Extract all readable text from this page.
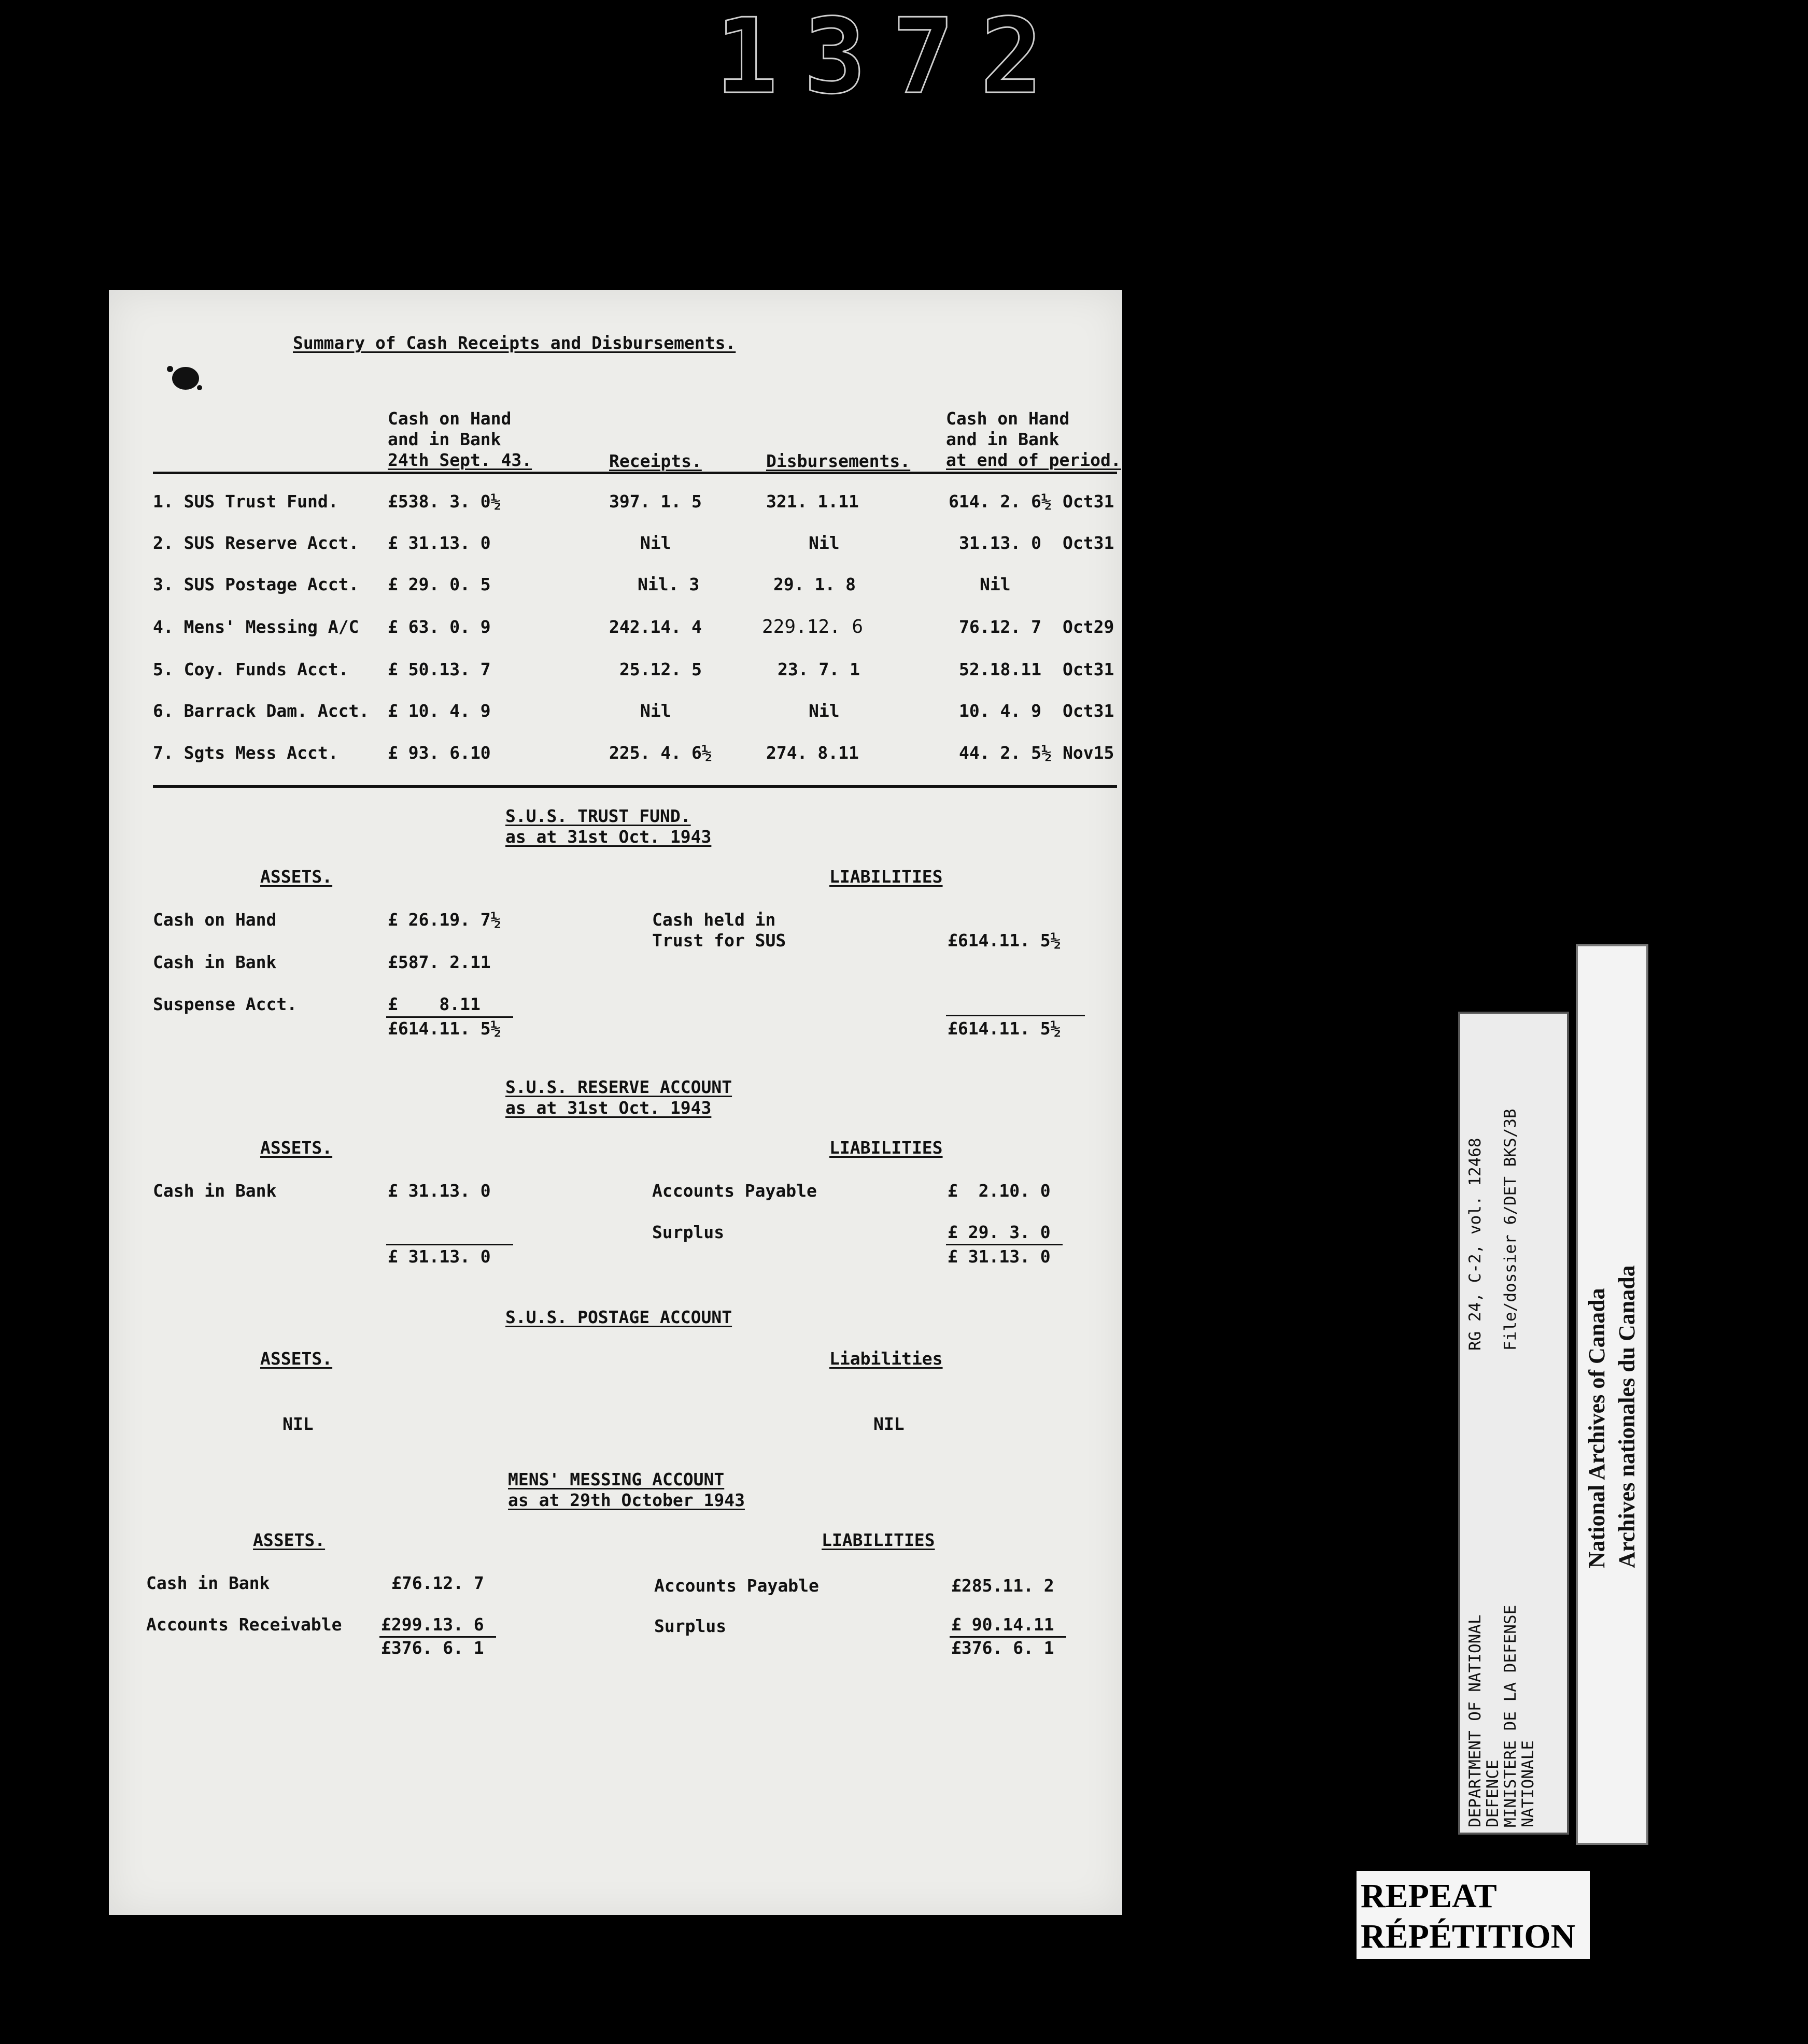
1372
Summary of Cash Receipts and Disbursements.
Cash on Hand
and in Bank
24th Sept. 43.	Receipts.	Disbursements.
Cash on Hand
and in Bank
at end of period.
1. SUS Trust Fund.	£538. 3. 0½	397. 1. 5	321. 1.11	614. 2. 6½ Oct31
2. SUS Reserve Acct. £ 31.13. 0	Nil	Nil	31.13. 0 Oct31
3. SUS Postage Acct. £ 29. 0. 5	Nil. 3	29. 1. 8	Nil
4. Mens' Messing A/C £ 63. 0. 9	242.14. 4	229.12. 6	76.12. 7 Oct29
5. Coy. Funds Acct. £ 50.13. 7	25.12. 5	23. 7. 1	52.18.11 Oct31
6. Barrack Dam. Acct. £ 10. 4. 9	Nil	Nil	10. 4. 9 Oct31
7. Sgts Mess Acct.	£ 93. 6.10	225. 4. 6½	274. 8.11	44. 2. 5½ Nov15
S.U.S. TRUST FUND.
as at 31st Oct. 1943
ASSETS.	LIABILITIES
Cash on Hand	£ 26.19. 7½
Cash in Bank	£587. 2.11
Suspense Acct.	£    8.11
£614.11. 5½
Cash held in
Trust for SUS	£614.11. 5½
£614.11. 5½
S.U.S. RESERVE ACCOUNT
as at 31st Oct. 1943
ASSETS.	LIABILITIES
Cash in Bank	£ 31.13. 0
£ 31.13. 0
Accounts Payable	£  2.10. 0
Surplus	£ 29. 3. 0
£ 31.13. 0
S.U.S. POSTAGE ACCOUNT
ASSETS.	Liabilities
NIL	NIL
MENS' MESSING ACCOUNT
as at 29th October 1943
ASSETS.	LIABILITIES
Cash in Bank	£76.12. 7
Accounts Receivable £299.13. 6
£376. 6. 1
Accounts Payable	£285.11. 2
Surplus	£ 90.14.11
£376. 6. 1	DEPARTMENT OF NATIONAL
DEFENCE
MINISTERE DE LA DEFENSE
NATIONALE
RG 24, C-2, vol. 12468 File/dossier 6/DET BKS/3B
National Archives of Canada Archives nationales du Canada
REPEAT
RÉPÉTITION
